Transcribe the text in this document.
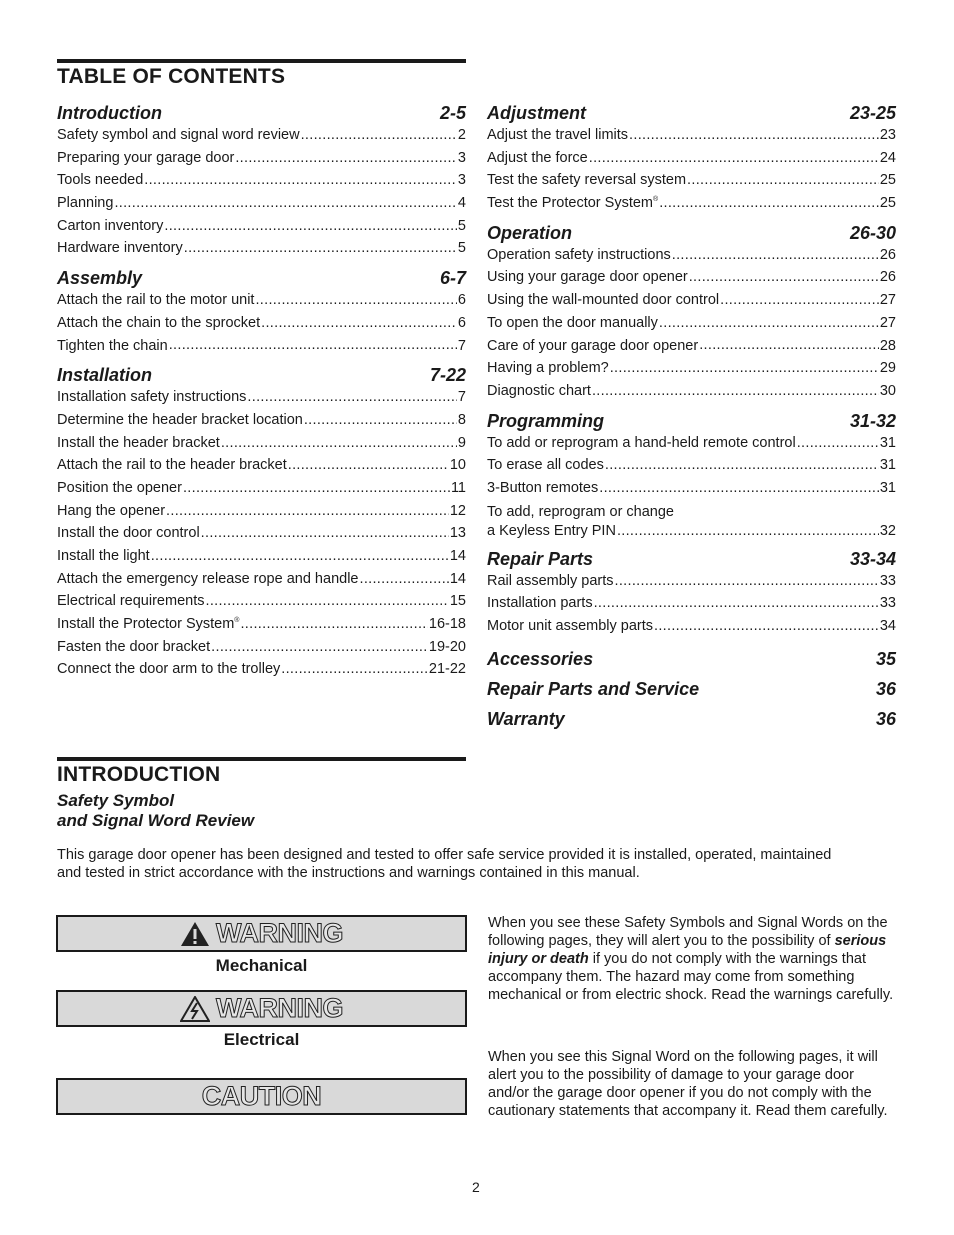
TABLE OF CONTENTS
Introduction	2-5
Safety symbol and signal word review .....	2
Preparing your garage door .....	3
Tools needed .....	3
Planning .....	4
Carton inventory .....	5
Hardware inventory .....	5
Assembly	6-7
Attach the rail to the motor unit .....	6
Attach the chain to the sprocket .....	6
Tighten the chain .....	7
Installation	7-22
Installation safety instructions .....	7
Determine the header bracket location .....	8
Install the header bracket .....	9
Attach the rail to the header bracket .....	10
Position the opener .....	11
Hang the opener .....	12
Install the door control .....	13
Install the light .....	14
Attach the emergency release rope and handle .....	14
Electrical requirements .....	15
Install the Protector System® .....	16-18
Fasten the door bracket .....	19-20
Connect the door arm to the trolley .....	21-22
Adjustment	23-25
Adjust the travel limits .....	23
Adjust the force .....	24
Test the safety reversal system .....	25
Test the Protector System® .....	25
Operation	26-30
Operation safety instructions .....	26
Using your garage door opener .....	26
Using the wall-mounted door control .....	27
To open the door manually .....	27
Care of your garage door opener .....	28
Having a problem? .....	29
Diagnostic chart .....	30
Programming	31-32
To add or reprogram a hand-held remote control .....	31
To erase all codes .....	31
3-Button remotes .....	31
To add, reprogram or change
a Keyless Entry PIN .....	32
Repair Parts	33-34
Rail assembly parts .....	33
Installation parts .....	33
Motor unit assembly parts .....	34
Accessories	35
Repair Parts and Service	36
Warranty	36
INTRODUCTION
Safety Symbol
and Signal Word Review
This garage door opener has been designed and tested to offer safe service provided it is installed, operated, maintained and tested in strict accordance with the instructions and warnings contained in this manual.
WARNING
Mechanical
WARNING
Electrical
CAUTION
When you see these Safety Symbols and Signal Words on the following pages, they will alert you to the possibility of serious injury or death if you do not comply with the warnings that accompany them. The hazard may come from something mechanical or from electric shock. Read the warnings carefully.
When you see this Signal Word on the following pages, it will alert you to the possibility of damage to your garage door and/or the garage door opener if you do not comply with the cautionary statements that accompany it. Read them carefully.
2
